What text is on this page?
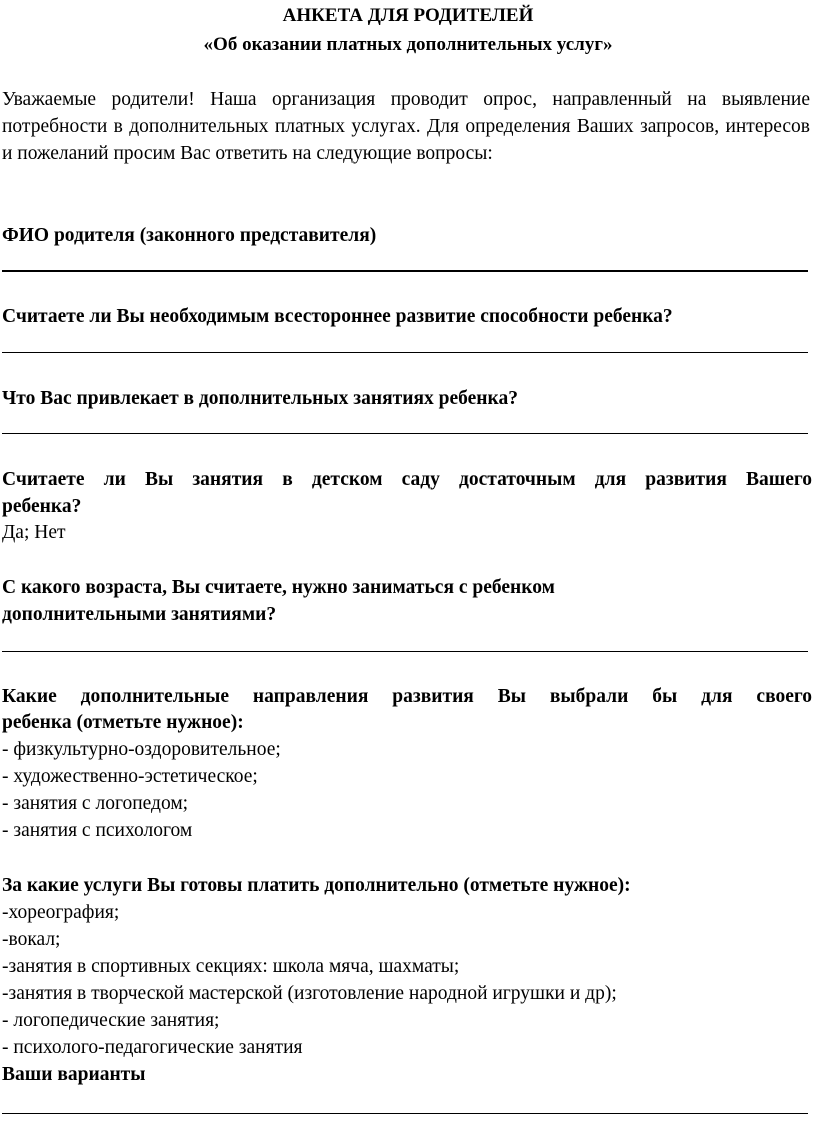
АНКЕТА ДЛЯ РОДИТЕЛЕЙ
«Об оказании платных дополнительных услуг»
Уважаемые родители! Наша организация проводит опрос, направленный на выявление потребности в дополнительных платных услугах. Для определения Ваших запросов, интересов и пожеланий просим Вас ответить на следующие вопросы:
ФИО родителя (законного представителя)
Считаете ли Вы необходимым всестороннее развитие способности ребенка?
Что Вас привлекает в дополнительных занятиях ребенка?
Считаете ли Вы занятия в детском саду достаточным для развития Вашего
ребенка?
Да; Нет
С какого возраста, Вы считаете, нужно заниматься с ребенком
дополнительными занятиями?
Какие дополнительные направления развития Вы выбрали бы для своего
ребенка (отметьте нужное):
- физкультурно-оздоровительное;
- художественно-эстетическое;
- занятия с логопедом;
- занятия с психологом
За какие услуги Вы готовы платить дополнительно (отметьте нужное):
-хореография;
-вокал;
-занятия в спортивных секциях: школа мяча, шахматы;
-занятия в творческой мастерской (изготовление народной игрушки и др);
- логопедические занятия;
- психолого-педагогические занятия
Ваши варианты
